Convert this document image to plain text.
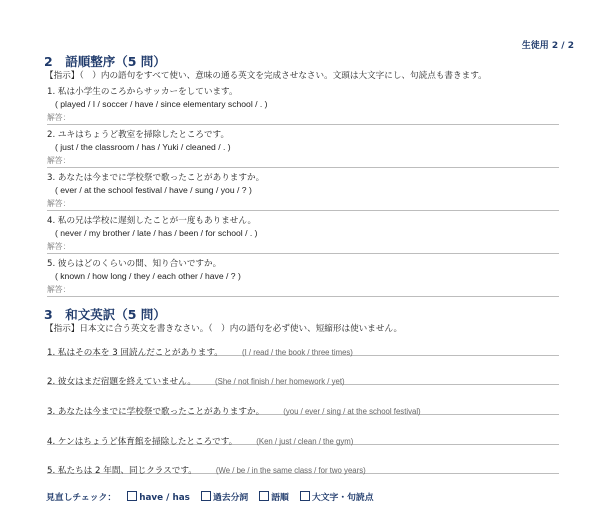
生徒用 2 / 2
2　語順整序（5 問）
【指示】（　）内の語句をすべて使い、意味の通る英文を完成させなさい。文頭は大文字にし、句読点も書きます。
1. 私は小学生のころからサッカーをしています。
( played / I / soccer / have / since elementary school / . )
解答：
2. ユキはちょうど教室を掃除したところです。
( just / the classroom / has / Yuki / cleaned / . )
解答：
3. あなたは今までに学校祭で歌ったことがありますか。
( ever / at the school festival / have / sung / you / ? )
解答：
4. 私の兄は学校に遅刻したことが一度もありません。
( never / my brother / late / has / been / for school / . )
解答：
5. 彼らはどのくらいの間、知り合いですか。
( known / how long / they / each other / have / ? )
解答：
3　和文英訳（5 問）
【指示】日本文に合う英文を書きなさい。（　）内の語句を必ず使い、短縮形は使いません。
1. 私はその本を 3 回読んだことがあります。 (I / read / the book / three times)
2. 彼女はまだ宿題を終えていません。 (She / not finish / her homework / yet)
3. あなたは今までに学校祭で歌ったことがありますか。 (you / ever / sing / at the school festival)
4. ケンはちょうど体育館を掃除したところです。 (Ken / just / clean / the gym)
5. 私たちは 2 年間、同じクラスです。 (We / be / in the same class / for two years)
見直しチェック：	have / has	過去分詞	語順	大文字・句読点
